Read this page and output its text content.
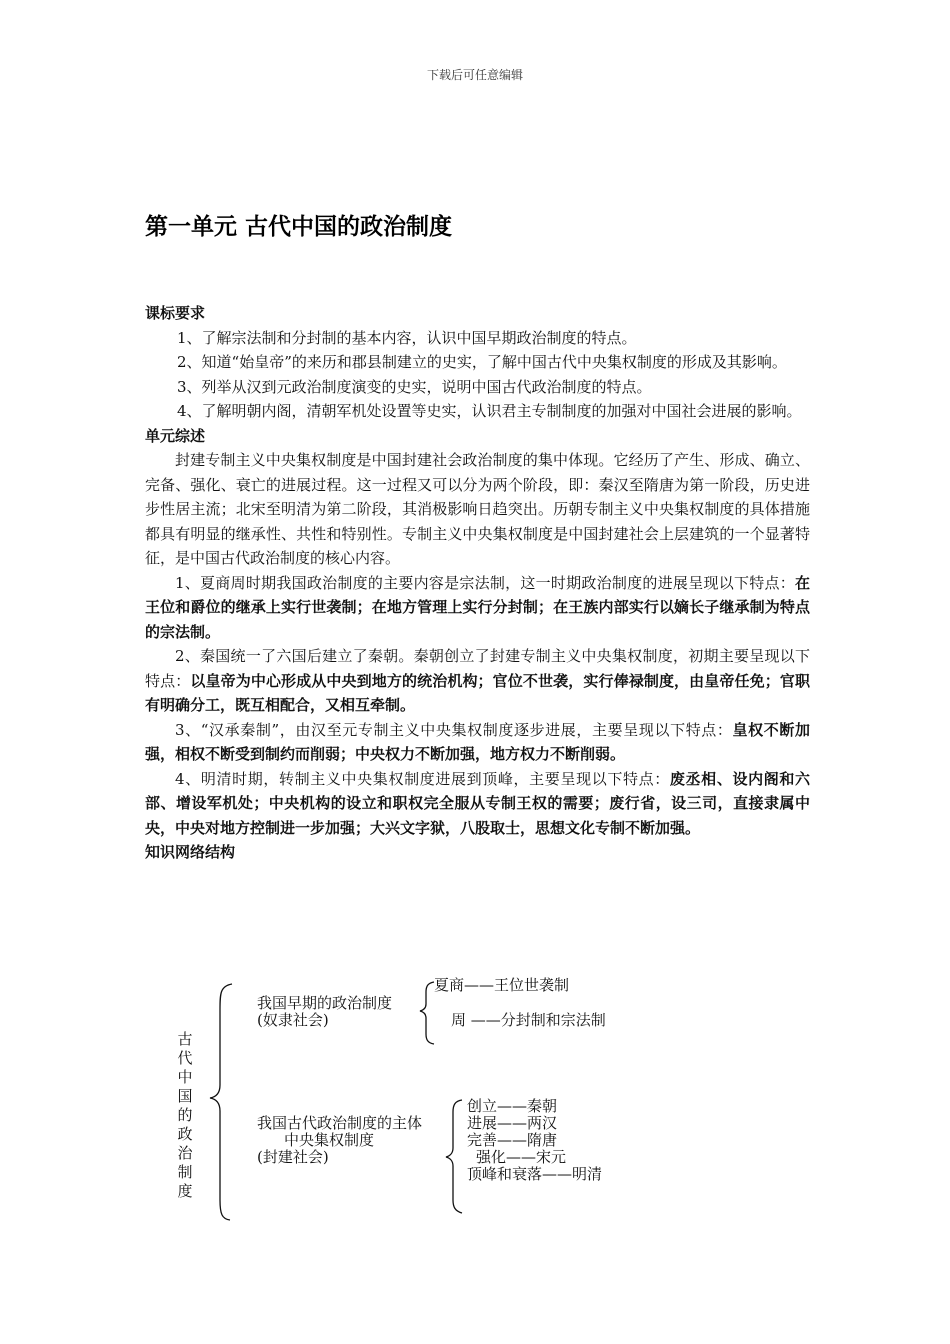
下载后可任意编辑
第一单元 古代中国的政治制度
课标要求

1、了解宗法制和分封制的基本内容，认识中国早期政治制度的特点。

2、知道“始皇帝”的来历和郡县制建立的史实，了解中国古代中央集权制度的形成及其影响。

3、列举从汉到元政治制度演变的史实，说明中国古代政治制度的特点。

4、了解明朝内阁，清朝军机处设置等史实，认识君主专制制度的加强对中国社会进展的影响。

单元综述

封建专制主义中央集权制度是中国封建社会政治制度的集中体现。它经历了产生、形成、确立、完备、强化、衰亡的进展过程。这一过程又可以分为两个阶段，即：秦汉至隋唐为第一阶段，历史进步性居主流；北宋至明清为第二阶段，其消极影响日趋突出。历朝专制主义中央集权制度的具体措施都具有明显的继承性、共性和特别性。专制主义中央集权制度是中国封建社会上层建筑的一个显著特征，是中国古代政治制度的核心内容。

1、夏商周时期我国政治制度的主要内容是宗法制，这一时期政治制度的进展呈现以下特点：在王位和爵位的继承上实行世袭制；在地方管理上实行分封制；在王族内部实行以嫡长子继承制为特点的宗法制。

2、秦国统一了六国后建立了秦朝。秦朝创立了封建专制主义中央集权制度，初期主要呈现以下特点：以皇帝为中心形成从中央到地方的统治机构；官位不世袭，实行俸禄制度，由皇帝任免；官职有明确分工，既互相配合，又相互牵制。

3、“汉承秦制”，由汉至元专制主义中央集权制度逐步进展，主要呈现以下特点：皇权不断加强，相权不断受到制约而削弱；中央权力不断加强，地方权力不断削弱。

4、明清时期，转制主义中央集权制度进展到顶峰，主要呈现以下特点：废丞相、设内阁和六部、增设军机处；中央机构的设立和职权完全服从专制王权的需要；废行省，设三司，直接隶属中央，中央对地方控制进一步加强；大兴文字狱，八股取士，思想文化专制不断加强。

知识网络结构
古代中国的政治制度
我国早期的政治制度
(奴隶社会)
夏商——王位世袭制
周 ——分封制和宗法制
我国古代政治制度的主体
中央集权制度
(封建社会)
创立——秦朝
进展——两汉
完善——隋唐
强化——宋元
顶峰和衰落——明清
